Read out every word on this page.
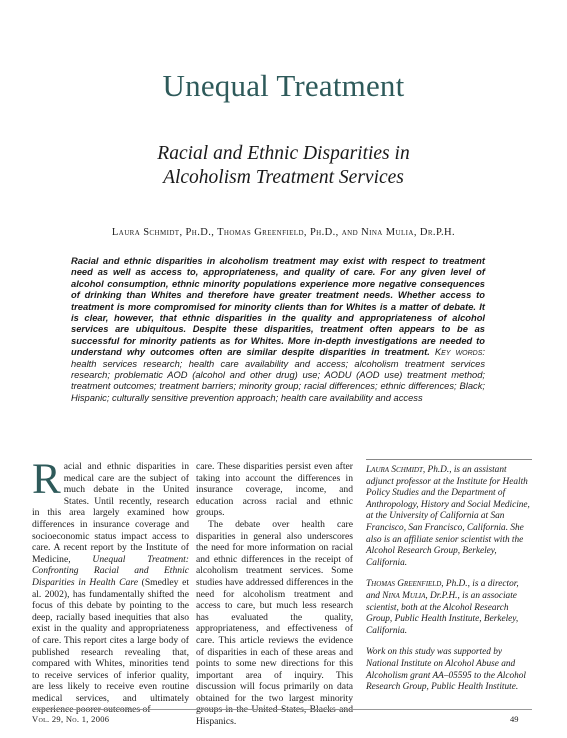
Unequal Treatment
Racial and Ethnic Disparities in
Alcoholism Treatment Services
Laura Schmidt, Ph.D., Thomas Greenfield, Ph.D., and Nina Mulia, Dr.P.H.
Racial and ethnic disparities in alcoholism treatment may exist with respect to treatment need as well as access to, appropriateness, and quality of care. For any given level of alcohol consumption, ethnic minority populations experience more negative consequences of drinking than Whites and therefore have greater treatment needs. Whether access to treatment is more compromised for minority clients than for Whites is a matter of debate. It is clear, however, that ethnic disparities in the quality and appropriateness of alcohol services are ubiquitous. Despite these disparities, treatment often appears to be as successful for minority patients as for Whites. More in-depth investigations are needed to understand why outcomes often are similar despite disparities in treatment. Key words: health services research; health care availability and access; alcoholism treatment services research; problematic AOD (alcohol and other drug) use; AODU (AOD use) treatment method; treatment outcomes; treatment barriers; minority group; racial differences; ethnic differences; Black; Hispanic; culturally sensitive prevention approach; health care availability and access
Racial and ethnic disparities in medical care are the subject of much debate in the United States. Until recently, research in this area largely examined how differences in insurance coverage and socioeconomic status impact access to care. A recent report by the Institute of Medicine, Unequal Treatment: Confronting Racial and Ethnic Disparities in Health Care (Smedley et al. 2002), has fundamentally shifted the focus of this debate by pointing to the deep, racially based inequities that also exist in the quality and appropriateness of care. This report cites a large body of published research revealing that, compared with Whites, minorities tend to receive services of inferior quality, are less likely to receive even routine medical services, and ultimately experience poorer outcomes of
care. These disparities persist even after taking into account the differences in insurance coverage, income, and education across racial and ethnic groups.
The debate over health care disparities in general also underscores the need for more information on racial and ethnic differences in the receipt of alcoholism treatment services. Some studies have addressed differences in the need for alcoholism treatment and access to care, but much less research has evaluated the quality, appropriateness, and effectiveness of care. This article reviews the evidence of disparities in each of these areas and points to some new directions for this important area of inquiry. This discussion will focus primarily on data obtained for the two largest minority groups in the United States, Blacks and Hispanics.

Laura Schmidt, Ph.D., is an assistant adjunct professor at the Institute for Health Policy Studies and the Department of Anthropology, History and Social Medicine, at the University of California at San Francisco, San Francisco, California. She also is an affiliate senior scientist with the Alcohol Research Group, Berkeley, California.

Thomas Greenfield, Ph.D., is a director, and Nina Mulia, Dr.P.H., is an associate scientist, both at the Alcohol Research Group, Public Health Institute, Berkeley, California.

Work on this study was supported by National Institute on Alcohol Abuse and Alcoholism grant AA–05595 to the Alcohol Research Group, Public Health Institute.

Vol. 29, No. 1, 2006	49
